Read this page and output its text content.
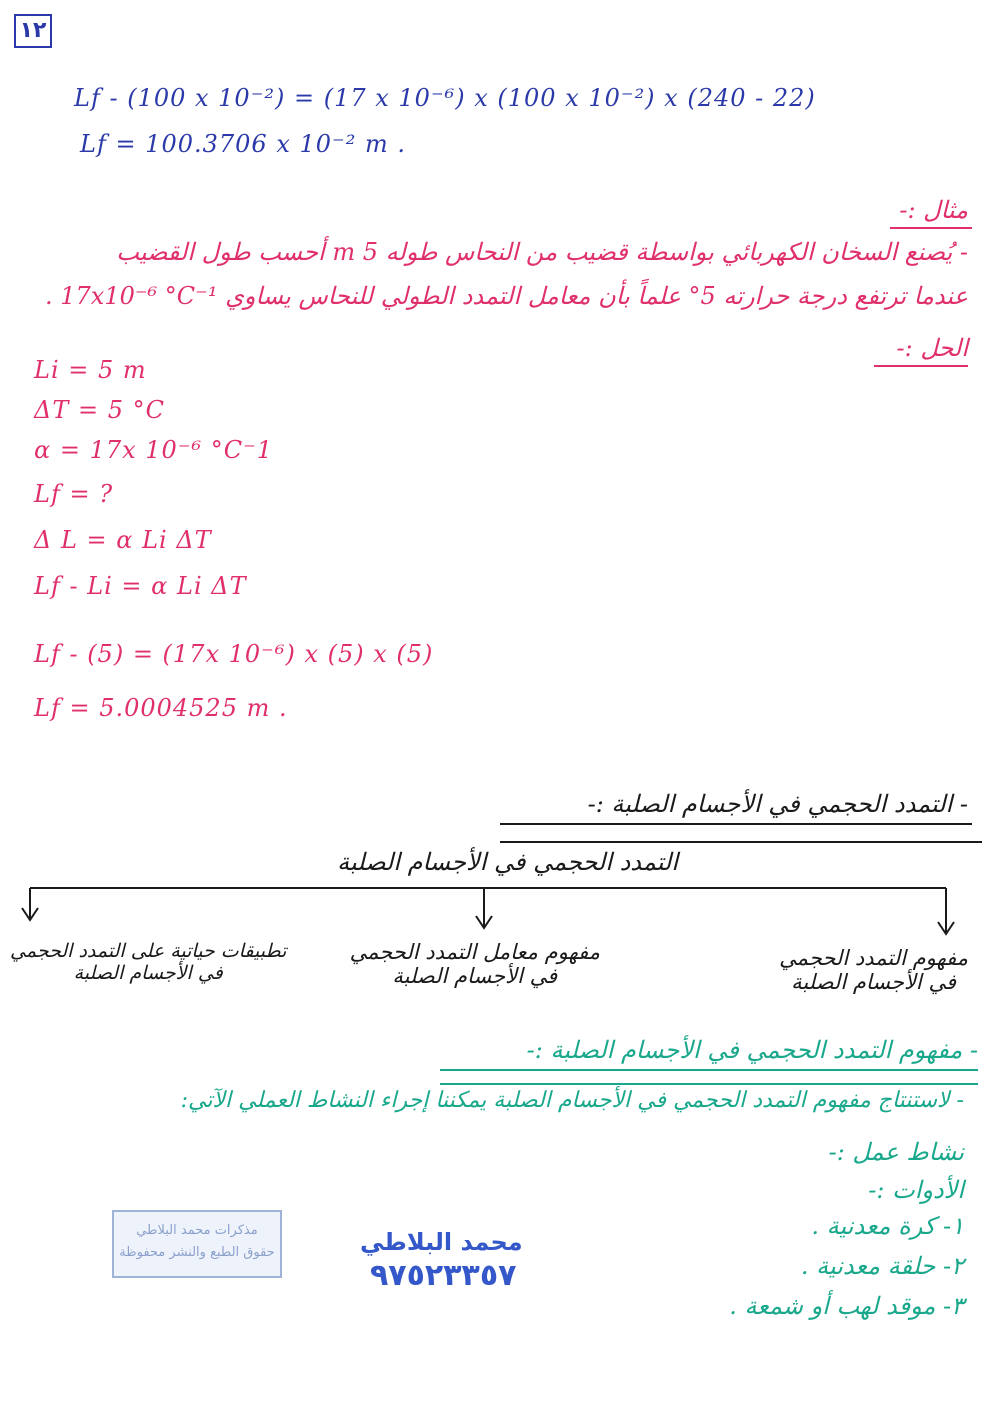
١٢
Lf - (100 x 10⁻²) = (17 x 10⁻⁶) x (100 x 10⁻²) x (240 - 22)
Lf = 100.3706 x 10⁻² m .
مثال :-
- يُصنع السخان الكهربائي بواسطة قضيب من النحاس طوله 5 m أحسب طول القضيب
عندما ترتفع درجة حرارته 5° علماً بأن معامل التمدد الطولي للنحاس يساوي 17x10⁻⁶ °C⁻¹ .
الحل :-
Li = 5 m
ΔT = 5 °C
α = 17x 10⁻⁶ °C⁻1
Lf = ?
Δ L = α Li ΔT
Lf - Li = α Li ΔT
Lf - (5) = (17x 10⁻⁶) x (5) x (5)
Lf = 5.0004525 m .
- التمدد الحجمي في الأجسام الصلبة :-
التمدد الحجمي في الأجسام الصلبة
مفهوم التمدد الحجمي
في الأجسام الصلبة
مفهوم معامل التمدد الحجمي
في الأجسام الصلبة
تطبيقات حياتية على التمدد الحجمي
في الأجسام الصلبة
- مفهوم التمدد الحجمي في الأجسام الصلبة :-
- لاستنتاج مفهوم التمدد الحجمي في الأجسام الصلبة يمكننا إجراء النشاط العملي الآتي:
نشاط عمل :-
الأدوات :-
١- كرة معدنية .
٢- حلقة معدنية .
٣- موقد لهب أو شمعة .
مذكرات محمد البلاطي
حقوق الطبع والنشر محفوظة	محمد البلاطي
٩٧٥٢٣٣٥٧
